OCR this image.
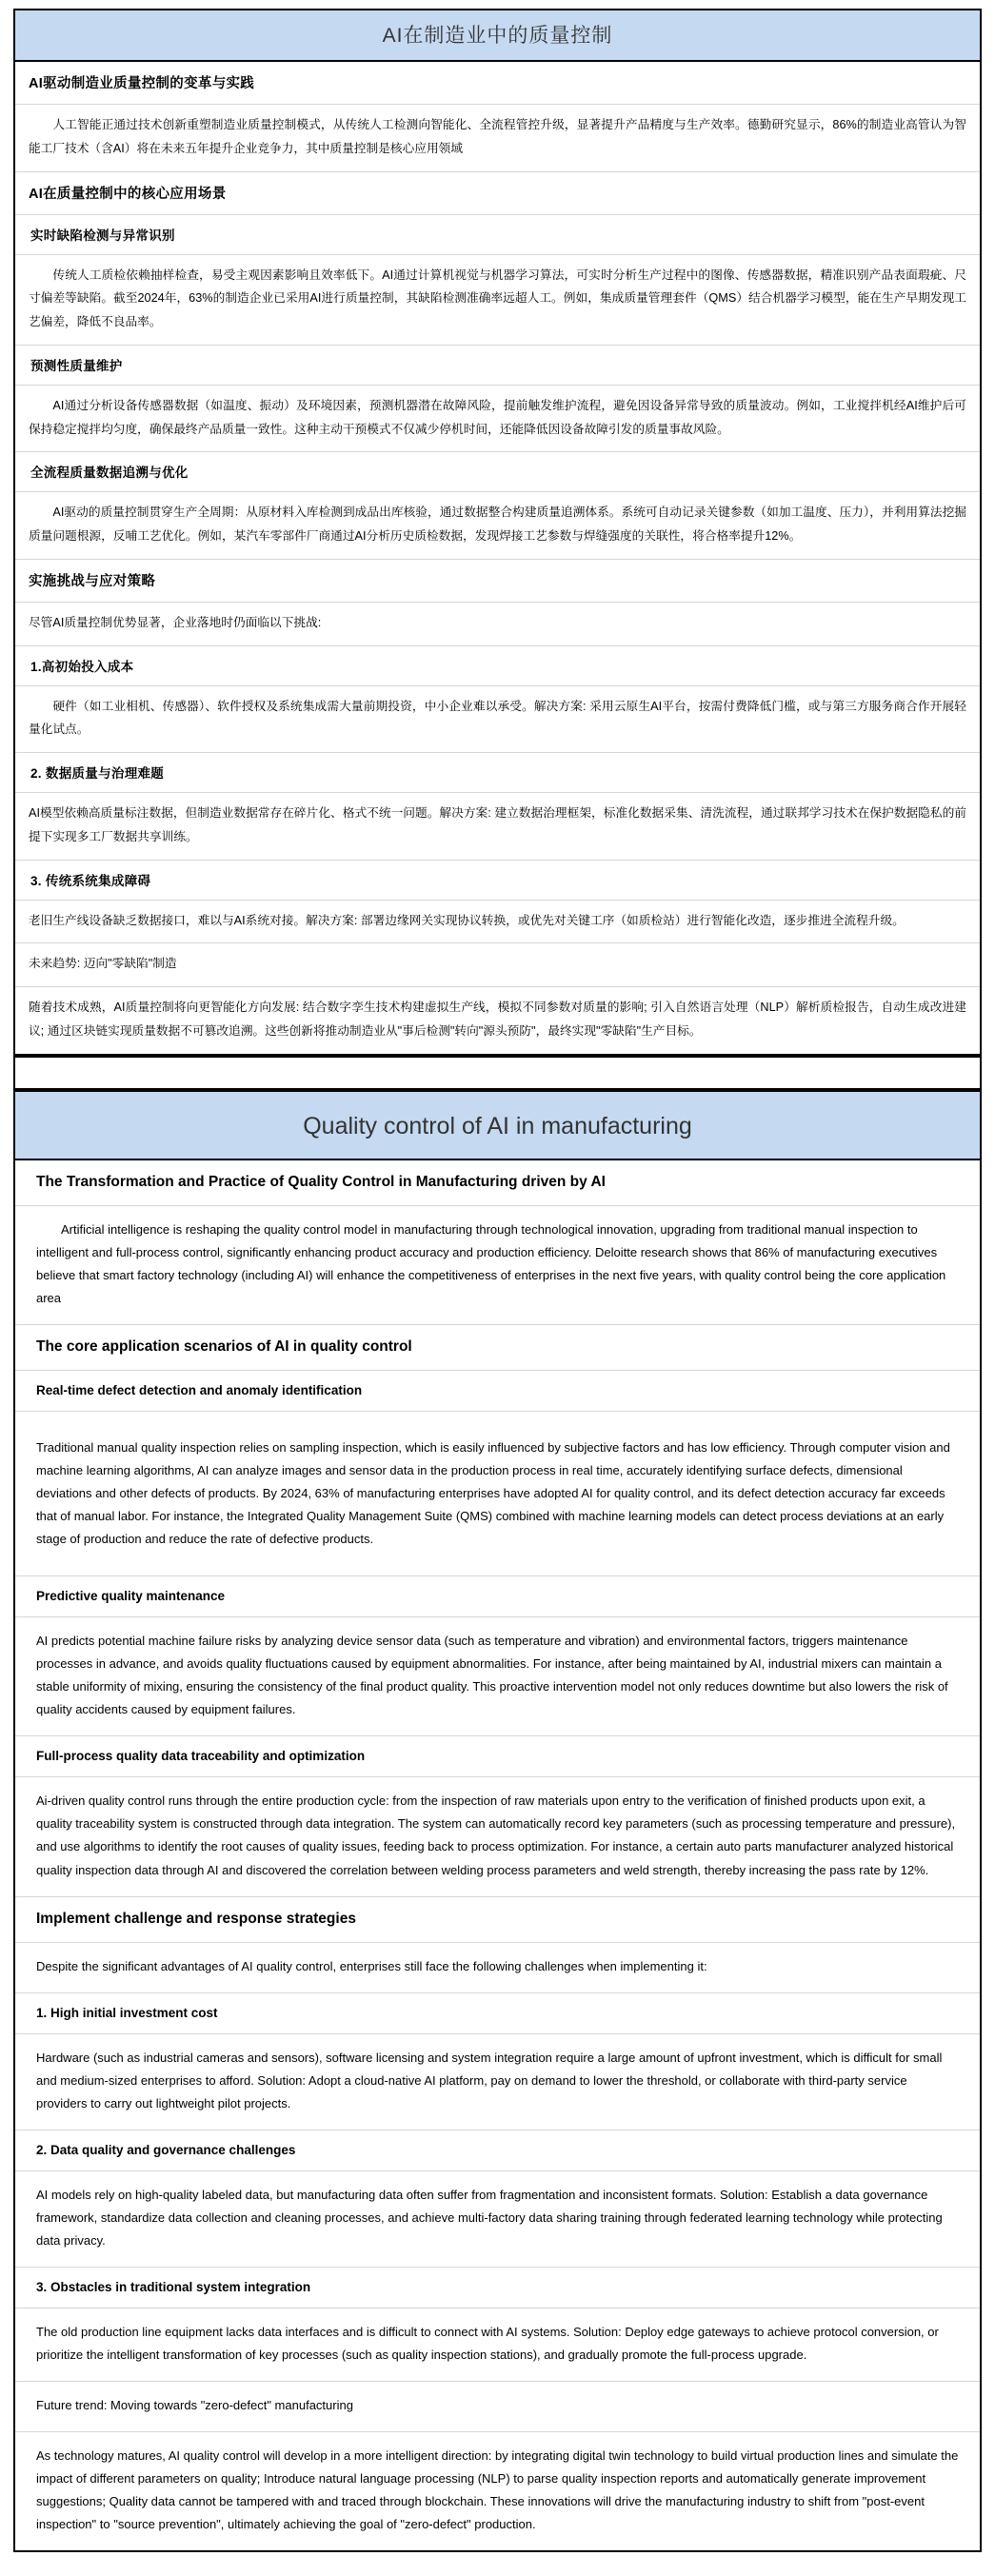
AI在制造业中的质量控制
AI驱动制造业质量控制的变革与实践
人工智能正通过技术创新重塑制造业质量控制模式，从传统人工检测向智能化、全流程管控升级，显著提升产品精度与生产效率。德勤研究显示，86%的制造业高管认为智能工厂技术（含AI）将在未来五年提升企业竞争力，其中质量控制是核心应用领域
AI在质量控制中的核心应用场景
实时缺陷检测与异常识别
传统人工质检依赖抽样检查，易受主观因素影响且效率低下。AI通过计算机视觉与机器学习算法，可实时分析生产过程中的图像、传感器数据，精准识别产品表面瑕疵、尺寸偏差等缺陷。截至2024年，63%的制造企业已采用AI进行质量控制，其缺陷检测准确率远超人工。例如，集成质量管理套件（QMS）结合机器学习模型，能在生产早期发现工艺偏差，降低不良品率。
预测性质量维护
AI通过分析设备传感器数据（如温度、振动）及环境因素，预测机器潜在故障风险，提前触发维护流程，避免因设备异常导致的质量波动。例如，工业搅拌机经AI维护后可保持稳定搅拌均匀度，确保最终产品质量一致性。这种主动干预模式不仅减少停机时间，还能降低因设备故障引发的质量事故风险。
全流程质量数据追溯与优化
AI驱动的质量控制贯穿生产全周期：从原材料入库检测到成品出库核验，通过数据整合构建质量追溯体系。系统可自动记录关键参数（如加工温度、压力），并利用算法挖掘质量问题根源，反哺工艺优化。例如，某汽车零部件厂商通过AI分析历史质检数据，发现焊接工艺参数与焊缝强度的关联性，将合格率提升12%。
实施挑战与应对策略
尽管AI质量控制优势显著，企业落地时仍面临以下挑战:
1.高初始投入成本
硬件（如工业相机、传感器）、软件授权及系统集成需大量前期投资，中小企业难以承受。解决方案: 采用云原生AI平台，按需付费降低门槛，或与第三方服务商合作开展轻量化试点。
2. 数据质量与治理难题
AI模型依赖高质量标注数据，但制造业数据常存在碎片化、格式不统一问题。解决方案: 建立数据治理框架，标准化数据采集、清洗流程，通过联邦学习技术在保护数据隐私的前提下实现多工厂数据共享训练。
3. 传统系统集成障碍
老旧生产线设备缺乏数据接口，难以与AI系统对接。解决方案: 部署边缘网关实现协议转换，或优先对关键工序（如质检站）进行智能化改造，逐步推进全流程升级。
未来趋势: 迈向"零缺陷"制造
随着技术成熟，AI质量控制将向更智能化方向发展: 结合数字孪生技术构建虚拟生产线，模拟不同参数对质量的影响; 引入自然语言处理（NLP）解析质检报告，自动生成改进建议; 通过区块链实现质量数据不可篡改追溯。这些创新将推动制造业从"事后检测"转向"源头预防"，最终实现"零缺陷"生产目标。
Quality control of AI in manufacturing
The Transformation and Practice of Quality Control in Manufacturing driven by AI
Artificial intelligence is reshaping the quality control model in manufacturing through technological innovation, upgrading from traditional manual inspection to intelligent and full-process control, significantly enhancing product accuracy and production efficiency. Deloitte research shows that 86% of manufacturing executives believe that smart factory technology (including AI) will enhance the competitiveness of enterprises in the next five years, with quality control being the core application area
The core application scenarios of AI in quality control
Real-time defect detection and anomaly identification
Traditional manual quality inspection relies on sampling inspection, which is easily influenced by subjective factors and has low efficiency. Through computer vision and machine learning algorithms, AI can analyze images and sensor data in the production process in real time, accurately identifying surface defects, dimensional deviations and other defects of products. By 2024, 63% of manufacturing enterprises have adopted AI for quality control, and its defect detection accuracy far exceeds that of manual labor. For instance, the Integrated Quality Management Suite (QMS) combined with machine learning models can detect process deviations at an early stage of production and reduce the rate of defective products.
Predictive quality maintenance
AI predicts potential machine failure risks by analyzing device sensor data (such as temperature and vibration) and environmental factors, triggers maintenance processes in advance, and avoids quality fluctuations caused by equipment abnormalities. For instance, after being maintained by AI, industrial mixers can maintain a stable uniformity of mixing, ensuring the consistency of the final product quality. This proactive intervention model not only reduces downtime but also lowers the risk of quality accidents caused by equipment failures.
Full-process quality data traceability and optimization
Ai-driven quality control runs through the entire production cycle: from the inspection of raw materials upon entry to the verification of finished products upon exit, a quality traceability system is constructed through data integration. The system can automatically record key parameters (such as processing temperature and pressure), and use algorithms to identify the root causes of quality issues, feeding back to process optimization. For instance, a certain auto parts manufacturer analyzed historical quality inspection data through AI and discovered the correlation between welding process parameters and weld strength, thereby increasing the pass rate by 12%.
Implement challenge and response strategies
Despite the significant advantages of AI quality control, enterprises still face the following challenges when implementing it:
1. High initial investment cost
Hardware (such as industrial cameras and sensors), software licensing and system integration require a large amount of upfront investment, which is difficult for small and medium-sized enterprises to afford. Solution: Adopt a cloud-native AI platform, pay on demand to lower the threshold, or collaborate with third-party service providers to carry out lightweight pilot projects.
2. Data quality and governance challenges
AI models rely on high-quality labeled data, but manufacturing data often suffer from fragmentation and inconsistent formats. Solution: Establish a data governance framework, standardize data collection and cleaning processes, and achieve multi-factory data sharing training through federated learning technology while protecting data privacy.
3. Obstacles in traditional system integration
The old production line equipment lacks data interfaces and is difficult to connect with AI systems. Solution: Deploy edge gateways to achieve protocol conversion, or prioritize the intelligent transformation of key processes (such as quality inspection stations), and gradually promote the full-process upgrade.
Future trend: Moving towards "zero-defect" manufacturing
As technology matures, AI quality control will develop in a more intelligent direction: by integrating digital twin technology to build virtual production lines and simulate the impact of different parameters on quality; Introduce natural language processing (NLP) to parse quality inspection reports and automatically generate improvement suggestions; Quality data cannot be tampered with and traced through blockchain. These innovations will drive the manufacturing industry to shift from "post-event inspection" to "source prevention", ultimately achieving the goal of "zero-defect" production.
